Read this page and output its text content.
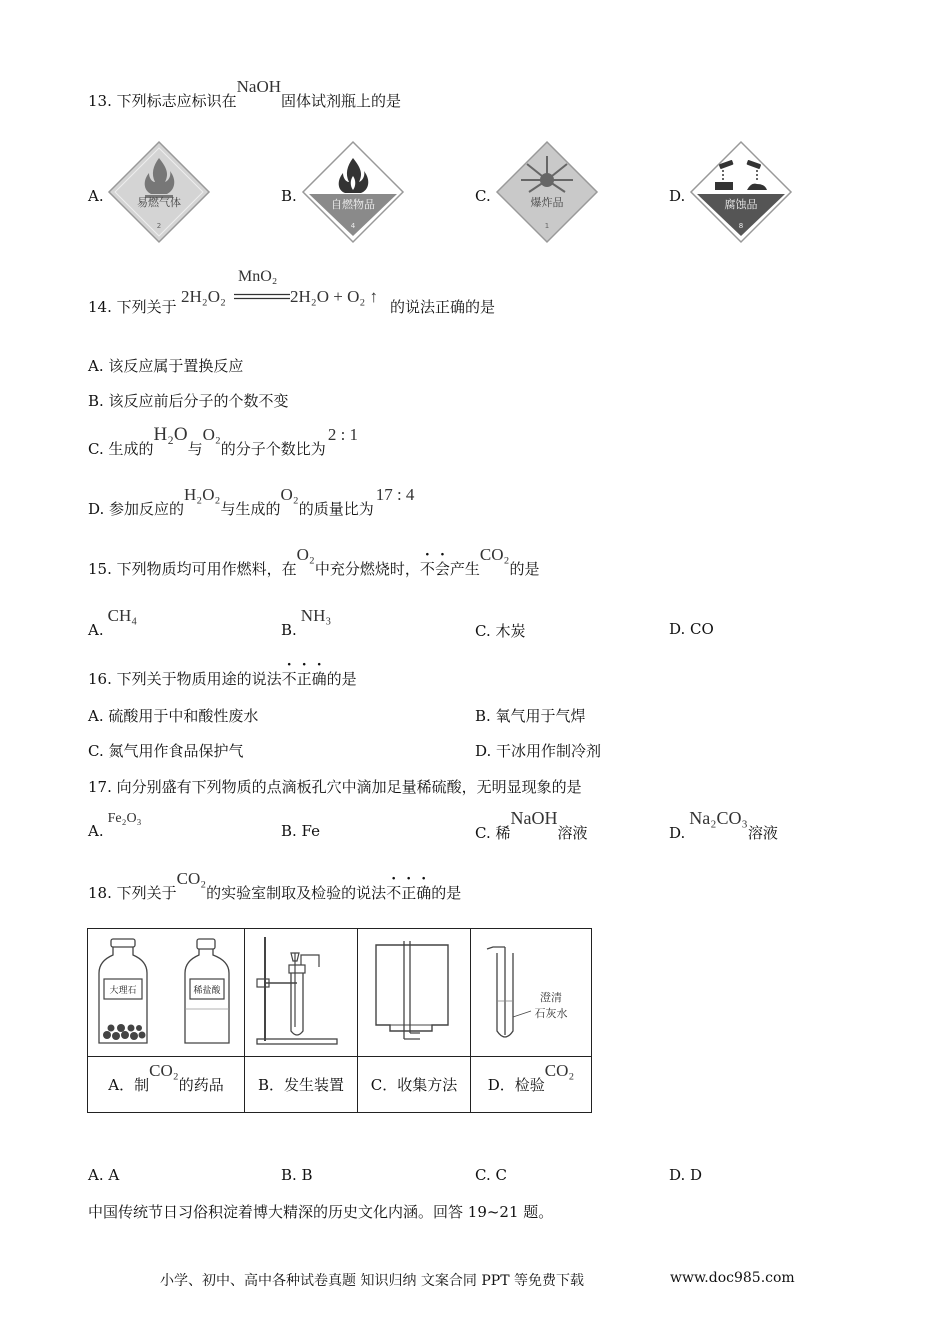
13. 下列标志应标识在NaOH固体试剂瓶上的是
A.	B.	C.	D.
易燃气体
2
自燃物品
4
爆炸品
1
腐蚀品
8
14. 下列关于
2H₂O₂
MnO₂
2H₂O + O₂ ↑
的说法正确的是
A. 该反应属于置换反应
B. 该反应前后分子的个数不变
C. 生成的H₂O与O₂的分子个数比为2 : 1
D. 参加反应的H₂O₂与生成的O₂的质量比为17 : 4
15. 下列物质均可用作燃料，在O₂中充分燃烧时，不会产生CO₂的是
A.CH₄
B.NH₃
C. 木炭	D. CO
16. 下列关于物质用途的说法不正确的是
A. 硫酸用于中和酸性废水	B. 氧气用于气焊
C. 氮气用作食品保护气	D. 干冰用作制冷剂
17. 向分别盛有下列物质的点滴板孔穴中滴加足量稀硫酸，无明显现象的是
A.Fe₂O₃
B. Fe	C. 稀NaOH溶液	D.Na₂CO₃溶液
18. 下列关于CO₂的实验室制取及检验的说法不正确的是
大理石 稀盐酸			澄清
石灰水

A．制CO₂的药品	B．发生装置	C．收集方法	D．检验CO₂
A. A	B. B	C. C	D. D
中国传统节日习俗积淀着博大精深的历史文化内涵。回答 19~21 题。
小学、初中、高中各种试卷真题 知识归纳 文案合同 PPT 等免费下载	www.doc985.com
